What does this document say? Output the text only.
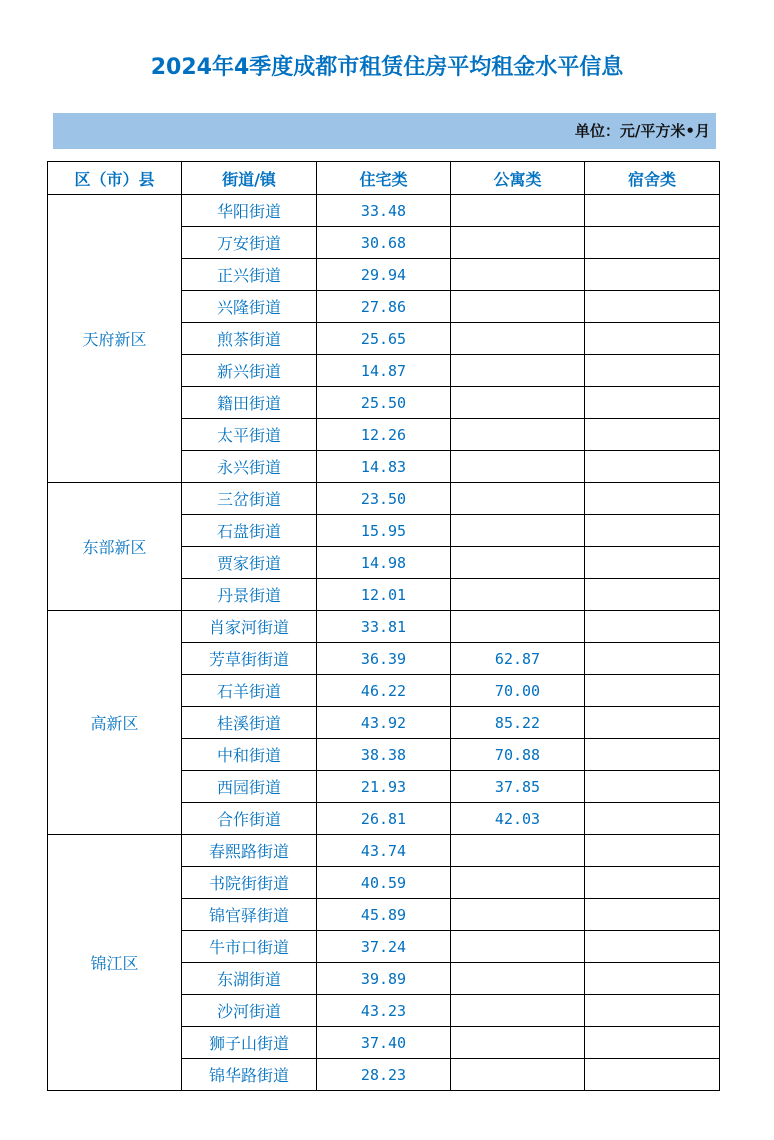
2024年4季度成都市租赁住房平均租金水平信息
单位：元/平方米•月
区（市）县	街道/镇	住宅类	公寓类	宿舍类
天府新区	华阳街道	33.48		
	万安街道	30.68		
	正兴街道	29.94		
	兴隆街道	27.86		
	煎茶街道	25.65		
	新兴街道	14.87		
	籍田街道	25.50		
	太平街道	12.26		
	永兴街道	14.83		
东部新区	三岔街道	23.50		
	石盘街道	15.95		
	贾家街道	14.98		
	丹景街道	12.01		
高新区	肖家河街道	33.81		
	芳草街街道	36.39	62.87	
	石羊街道	46.22	70.00	
	桂溪街道	43.92	85.22	
	中和街道	38.38	70.88	
	西园街道	21.93	37.85	
	合作街道	26.81	42.03	
锦江区	春熙路街道	43.74		
	书院街街道	40.59		
	锦官驿街道	45.89		
	牛市口街道	37.24		
	东湖街道	39.89		
	沙河街道	43.23		
	狮子山街道	37.40		
	锦华路街道	28.23		
